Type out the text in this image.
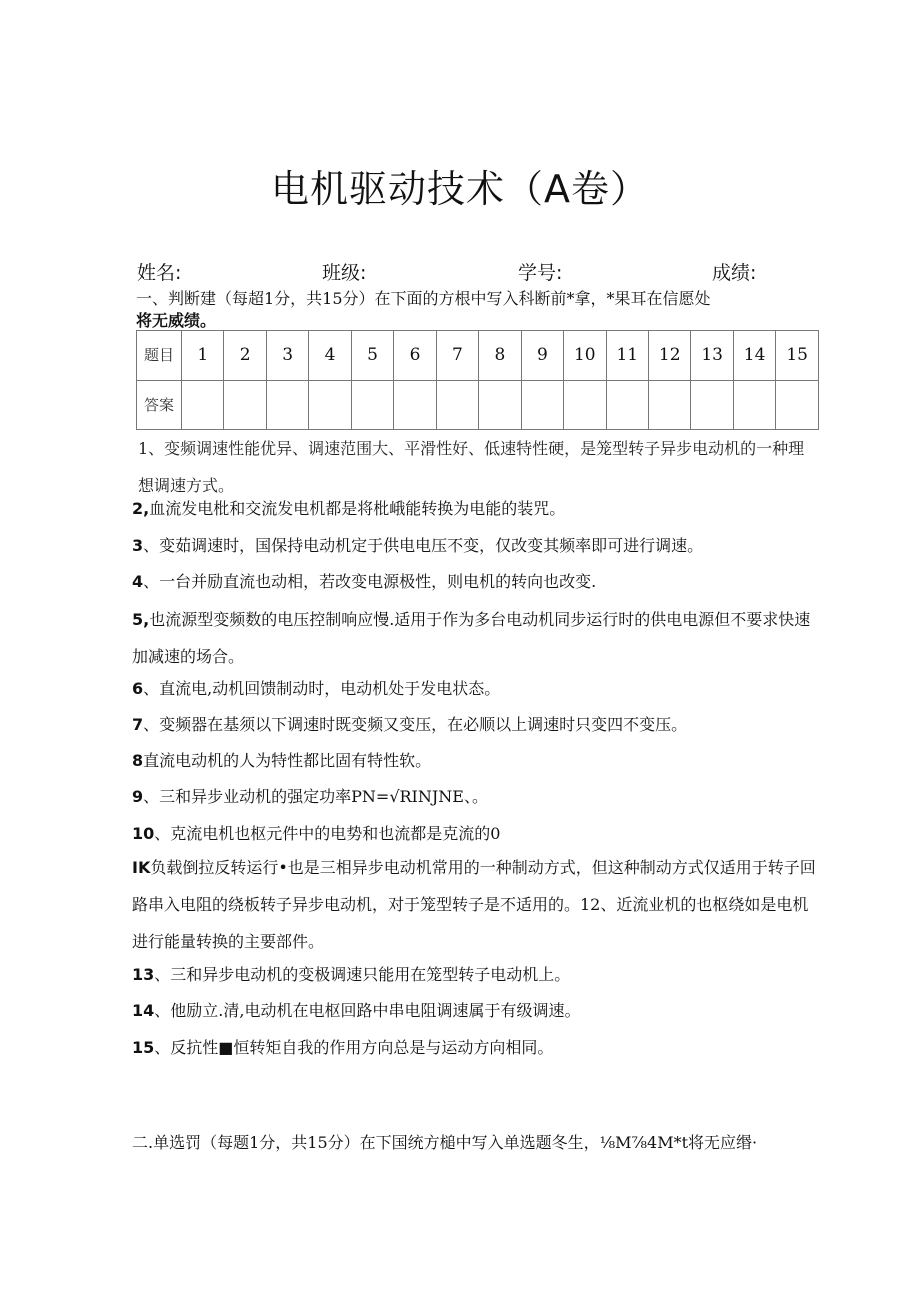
电机驱动技术（A卷）
姓名:	班级:	学号:	成绩:
一、判断建（每超1分，共15分）在下面的方根中写入科断前*拿，*果耳在信愿处
将无威绩。
题目	1	2	3	4	5	6	7	8	9	10	11	12	13	14	15
答案															
1、变频调速性能优异、调速范围大、平滑性好、低速特性硬，是笼型转子异步电动机的一种理想调速方式。
2,血流发电枇和交流发电机都是将枇峨能转换为电能的装咒。
3、变茹调速时，国保持电动机定于供电电压不变，仅改变其频率即可进行调速。
4、一台并励直流也动相，若改变电源极性，则电机的转向也改变.
5,也流源型变频数的电压控制响应慢.适用于作为多台电动机同步运行时的供电电源但不要求快速加减速的场合。
6、直流电,动机回馈制动时，电动机处于发电状态。
7、变频器在基须以下调速时既变频又变压，在必顺以上调速时只变四不变压。
8直流电动机的人为特性都比固有特性软。
9、三和异步业动机的强定功率PN=√RINJNE、。
10、克流电机也枢元件中的电势和也流都是克流的0
IK负载倒拉反转运行•也是三相异步电动机常用的一种制动方式，但这种制动方式仅适用于转子回路串入电阻的绕板转子异步电动机，对于笼型转子是不适用的。12、近流业机的也枢绕如是电机进行能量转换的主要部件。
13、三和异步电动机的变极调速只能用在笼型转子电动机上。
14、他励立.清,电动机在电枢回路中串电阻调速属于有级调速。
15、反抗性■恒转矩自我的作用方向总是与运动方向相同。
二.单选罚（每题1分，共15分）在下国统方槌中写入单选题冬生，⅛M⅞4M*t将无应缗·
